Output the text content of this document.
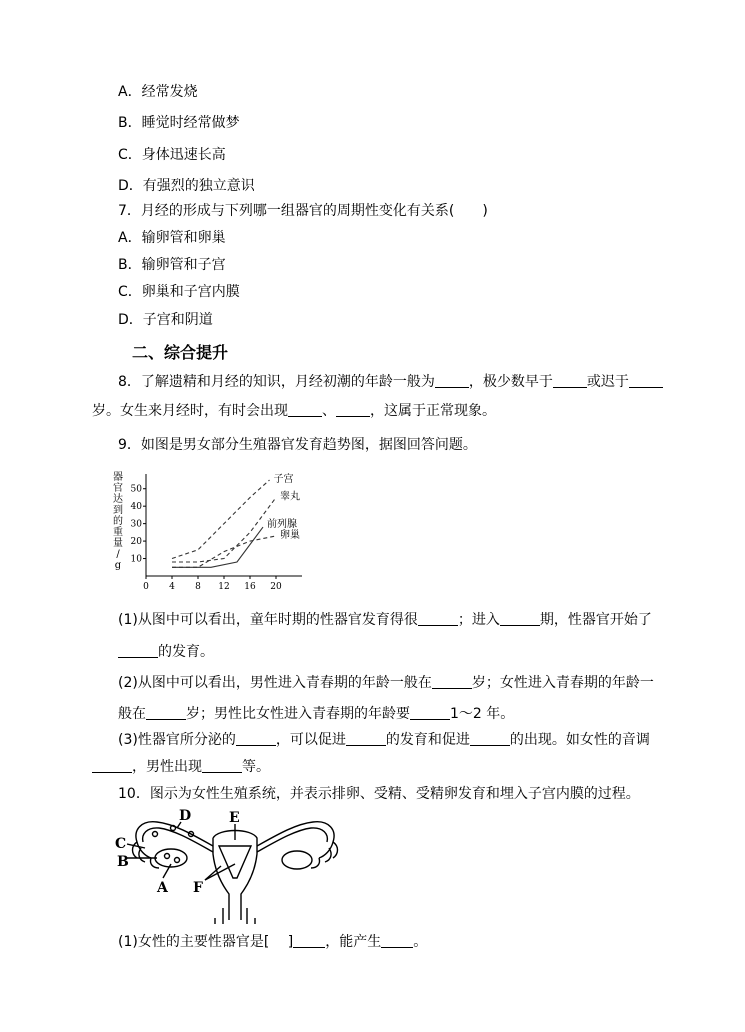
A．经常发烧
B．睡觉时经常做梦
C．身体迅速长高
D．有强烈的独立意识
7．月经的形成与下列哪一组器官的周期性变化有关系(　　)
A．输卵管和卵巢
B．输卵管和子宫
C．卵巢和子宫内膜
D．子宫和阴道
二、综合提升
8．了解遗精和月经的知识，月经初潮的年龄一般为 ，极少数早于 或迟于
岁。女生来月经时，有时会出现 、 ，这属于正常现象。
9．如图是男女部分生殖器官发育趋势图，据图回答问题。
0 4 8 12 16 20
10
20
30
40
50
器
官
达
到
的
重
量
/
g
子宫
睾丸
前列腺
卵巢
(1)从图中可以看出，童年时期的性器官发育得很	；进入	期，性器官开始了
的发育。
(2)从图中可以看出，男性进入青春期的年龄一般在	岁；女性进入青春期的年龄一
般在	岁；男性比女性进入青春期的年龄要	1～2 年。
(3)性器官所分泌的	，可以促进	的发育和促进	的出现。如女性的音调
，男性出现	等。
10．图示为女性生殖系统，并表示排卵、受精、受精卵发育和埋入子宫内膜的过程。
D	E
C
B
A F
(1)女性的主要性器官是[　 ] ，能产生 。
